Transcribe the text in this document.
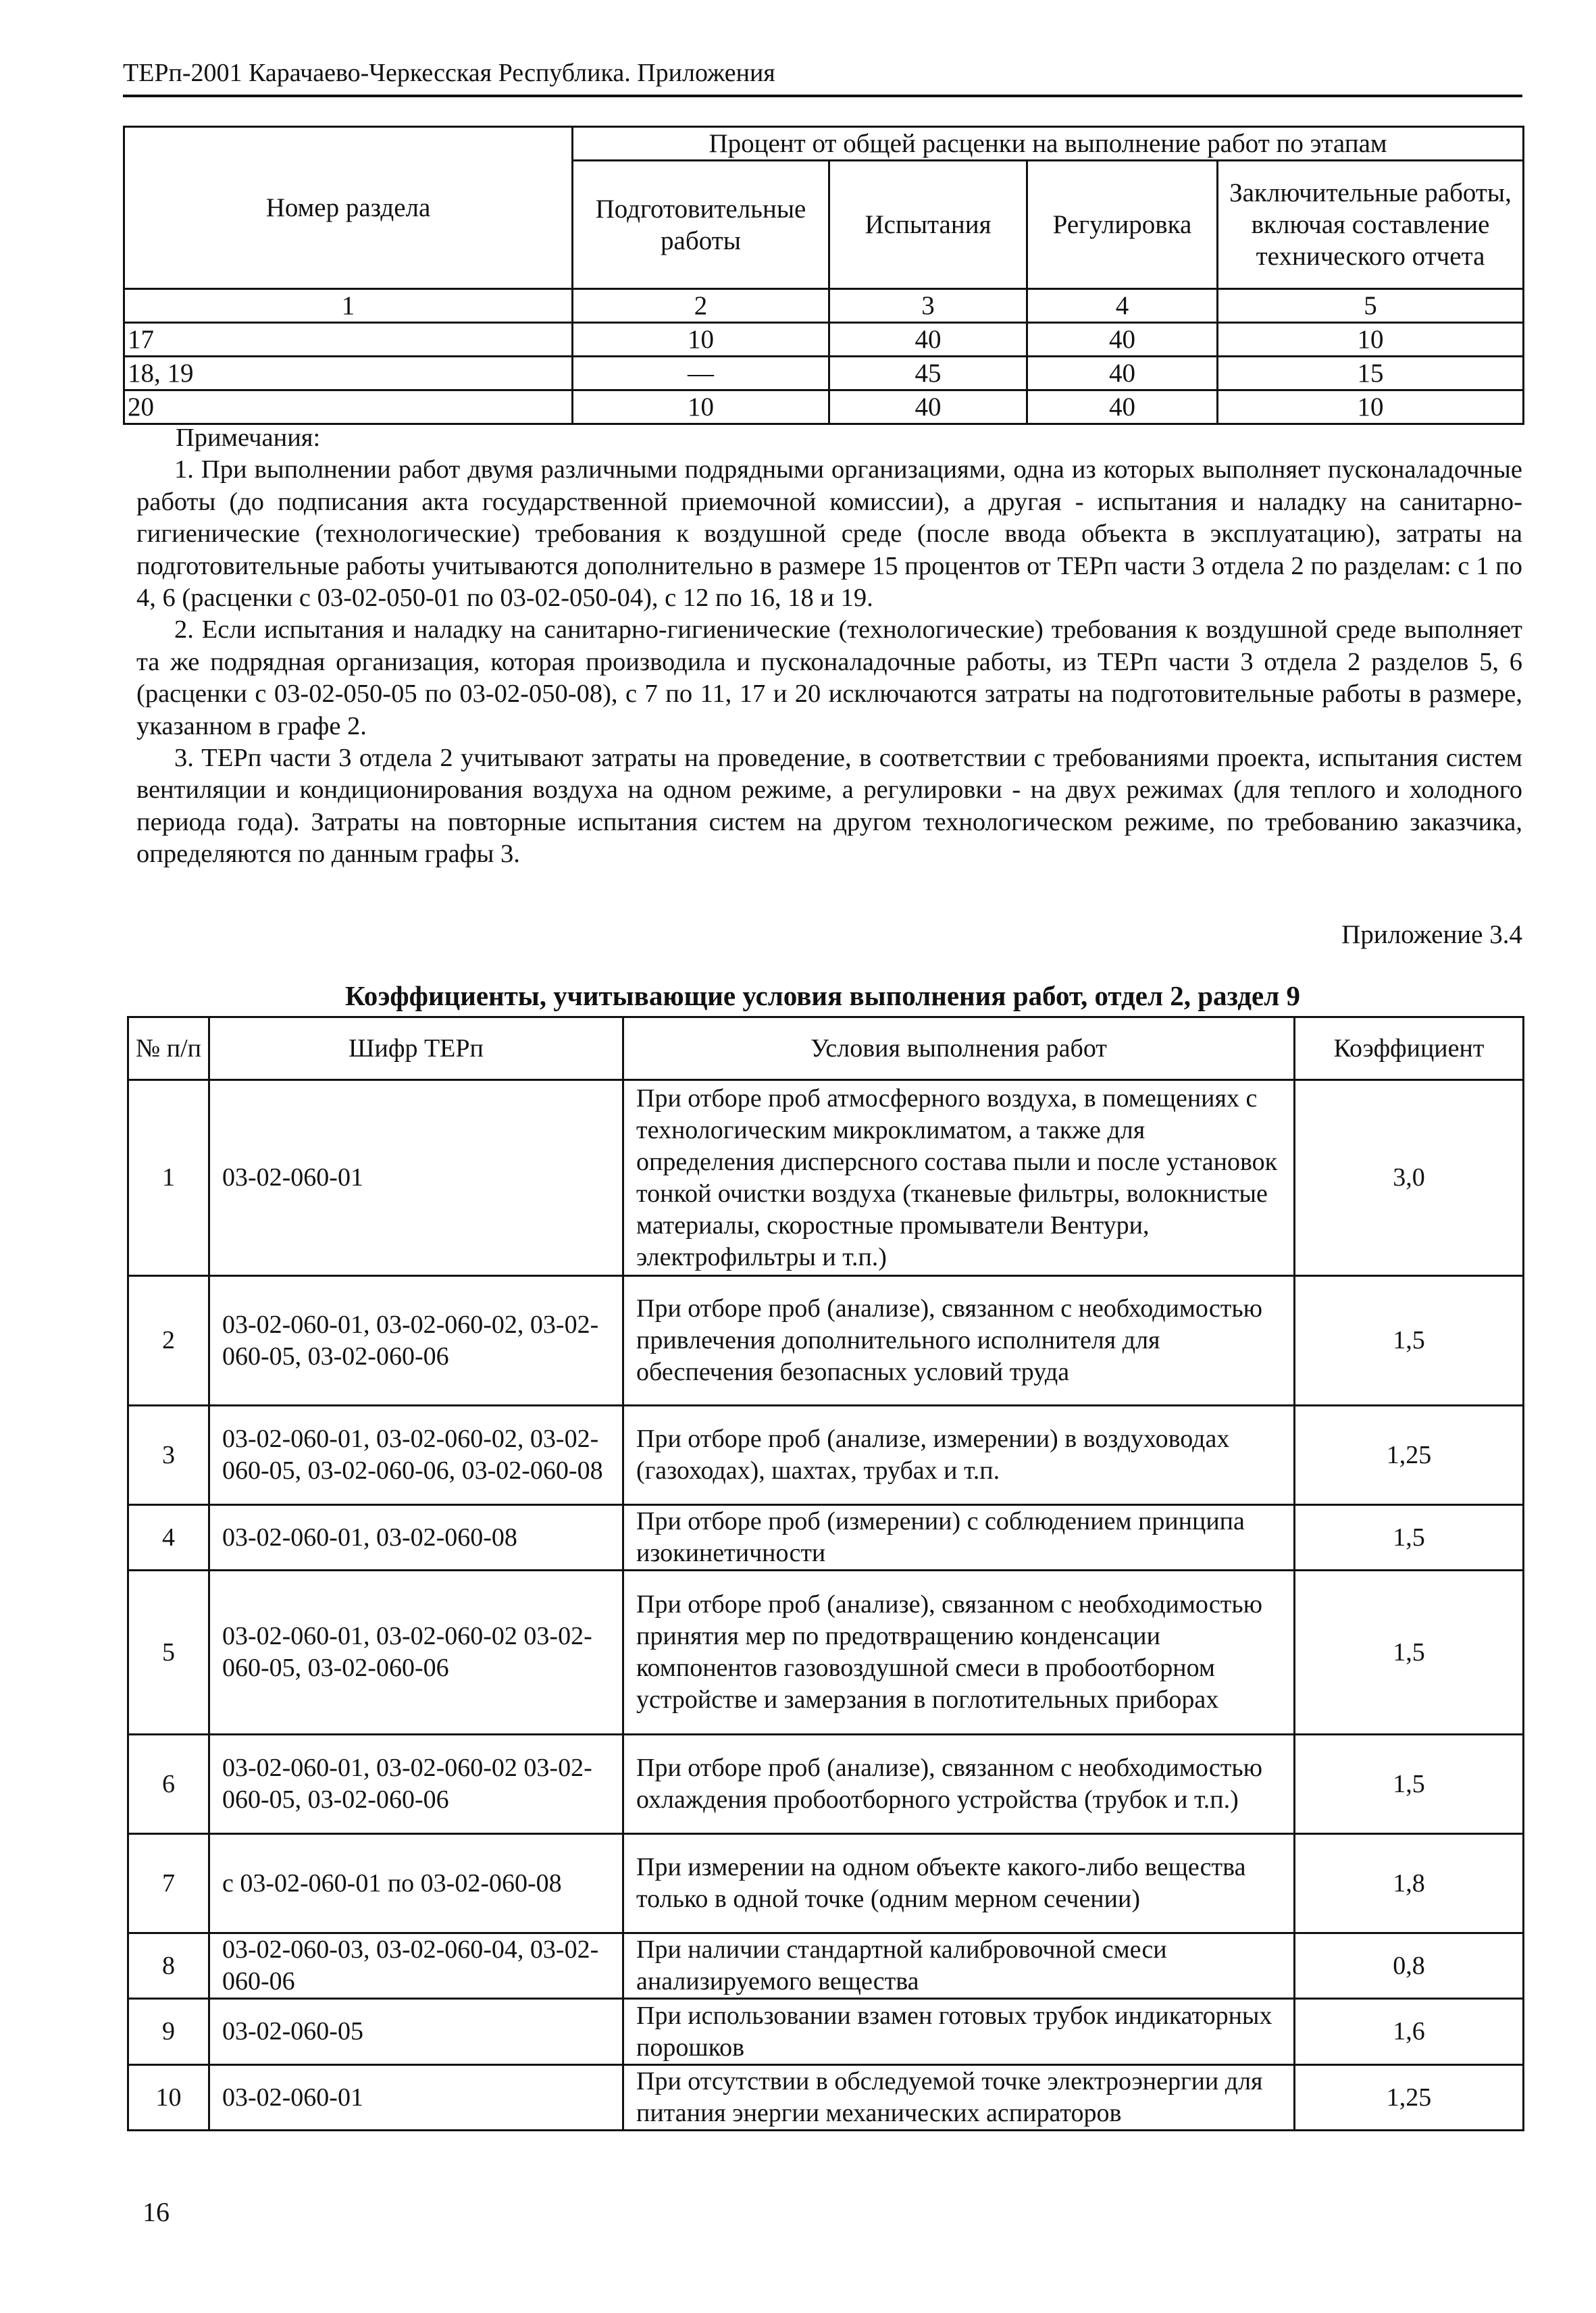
ТЕРп-2001 Карачаево-Черкесская Республика. Приложения
Номер раздела	Процент от общей расценки на выполнение работ по этапам			
	Подготовительные работы	Испытания	Регулировка	Заключительные работы, включая составление технического отчета
1	2	3	4	5
17	10	40	40	10
18, 19	—	45	40	15
20	10	40	40	10

Примечания:

1. При выполнении работ двумя различными подрядными организациями, одна из которых выполняет пусконаладочные работы (до подписания акта государственной приемочной комиссии), а другая - испытания и наладку на санитарно-гигиенические (технологические) требования к воздушной среде (после ввода объекта в эксплуатацию), затраты на подготовительные работы учитываются дополнительно в размере 15 процентов от ТЕРп части 3 отдела 2 по разделам: с 1 по 4, 6 (расценки с 03-02-050-01 по 03-02-050-04), с 12 по 16, 18 и 19.

2. Если испытания и наладку на санитарно-гигиенические (технологические) требования к воздушной среде выполняет та же подрядная организация, которая производила и пусконаладочные работы, из ТЕРп части 3 отдела 2 разделов 5, 6 (расценки с 03-02-050-05 по 03-02-050-08), с 7 по 11, 17 и 20 исключаются затраты на подготовительные работы в размере, указанном в графе 2.

3. ТЕРп части 3 отдела 2 учитывают затраты на проведение, в соответствии с требованиями проекта, испытания систем вентиляции и кондиционирования воздуха на одном режиме, а регулировки - на двух режимах (для теплого и холодного периода года). Затраты на повторные испытания систем на другом технологическом режиме, по требованию заказчика, определяются по данным графы 3.

Приложение 3.4
Коэффициенты, учитывающие условия выполнения работ, отдел 2, раздел 9
№ п/п	Шифр ТЕРп	Условия выполнения работ	Коэффициент
1	03-02-060-01	При отборе проб атмосферного воздуха, в помещениях с технологическим микроклиматом, а также для определения дисперсного состава пыли и после установок тонкой очистки воздуха (тканевые фильтры, волокнистые материалы, скоростные промыватели Вентури, электрофильтры и т.п.)	3,0
2	03-02-060-01, 03-02-060-02, 03-02-060-05, 03-02-060-06	При отборе проб (анализе), связанном с необходимостью привлечения дополнительного исполнителя для обеспечения безопасных условий труда	1,5
3	03-02-060-01, 03-02-060-02, 03-02-060-05, 03-02-060-06, 03-02-060-08	При отборе проб (анализе, измерении) в воздуховодах (газоходах), шахтах, трубах и т.п.	1,25
4	03-02-060-01, 03-02-060-08	При отборе проб (измерении) с соблюдением принципа изокинетичности	1,5
5	03-02-060-01, 03-02-060-02 03-02-060-05, 03-02-060-06	При отборе проб (анализе), связанном с необходимостью принятия мер по предотвращению конденсации компонентов газовоздушной смеси в пробоотборном устройстве и замерзания в поглотительных приборах	1,5
6	03-02-060-01, 03-02-060-02 03-02-060-05, 03-02-060-06	При отборе проб (анализе), связанном с необходимостью охлаждения пробоотборного устройства (трубок и т.п.)	1,5
7	с 03-02-060-01 по 03-02-060-08	При измерении на одном объекте какого-либо вещества только в одной точке (одним мерном сечении)	1,8
8	03-02-060-03, 03-02-060-04, 03-02-060-06	При наличии стандартной калибровочной смеси анализируемого вещества	0,8
9	03-02-060-05	При использовании взамен готовых трубок индикаторных порошков	1,6
10	03-02-060-01	При отсутствии в обследуемой точке электроэнергии для питания энергии механических аспираторов	1,25
16
